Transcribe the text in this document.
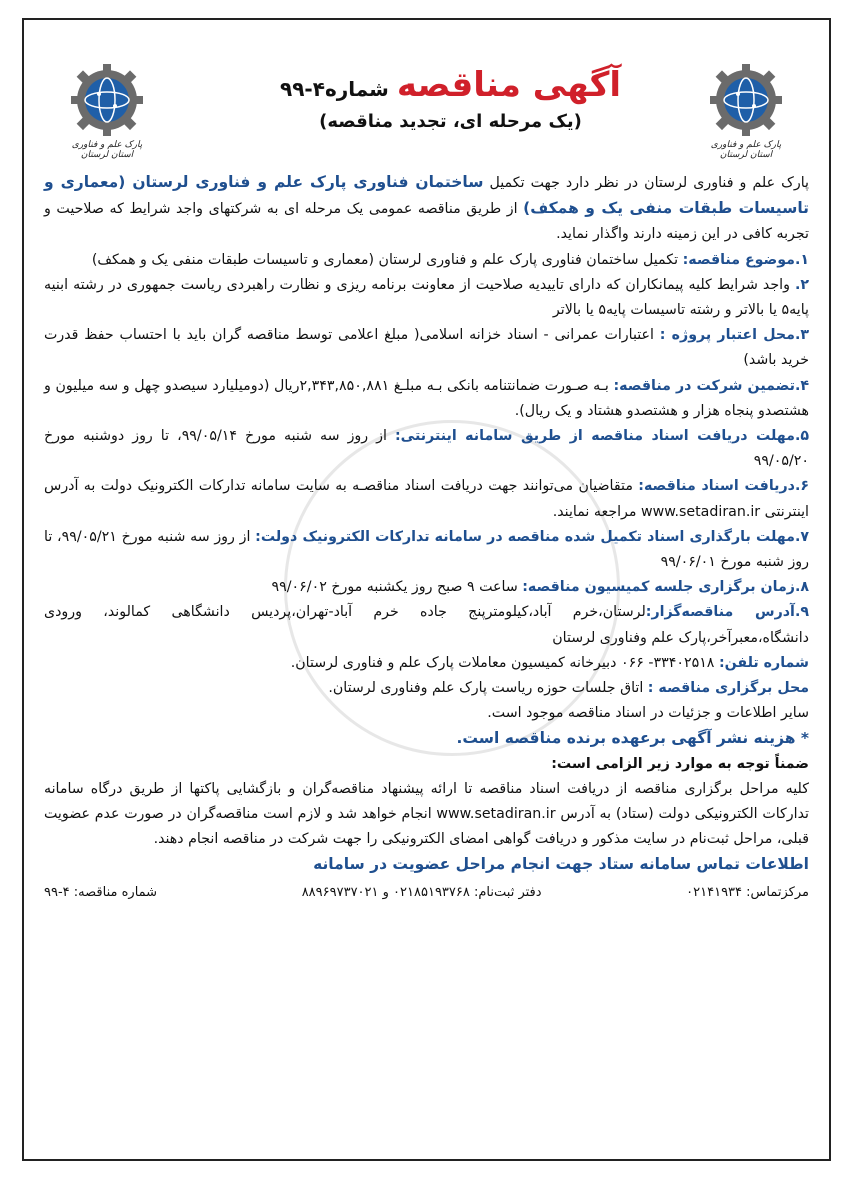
پارک علم و فناوری استان لرستان
پارک علم و فناوری استان لرستان
آگهی مناقصه
شماره۴-۹۹
(یک مرحله ای، تجدید مناقصه)

پارک علم و فناوری لرستان در نظر دارد جهت تکمیل ساختمان فناوری پارک علم و فناوری لرستان (معماری و تاسیسات طبقات منفی یک و همکف) از طریق مناقصه عمومی یک مرحله ای به شرکتهای واجد شرایط که صلاحیت و تجربه کافی در این زمینه دارند واگذار نماید.

۱.موضوع مناقصه: تکمیل ساختمان فناوری پارک علم و فناوری لرستان (معماری و تاسیسات طبقات منفی یک و همکف)

۲. واجد شرایط کلیه پیمانکاران که دارای تاییدیه صلاحیت از معاونت برنامه ریزی و نظارت راهبردی ریاست جمهوری در رشته ابنیه پایه۵ یا بالاتر و رشته تاسیسات پایه۵ یا بالاتر

۳.محل اعتبار پروژه : اعتبارات عمرانی - اسناد خزانه اسلامی( مبلغ اعلامی توسط مناقصه گران باید با احتساب حفظ قدرت خرید باشد)

۴.تضمین شرکت در مناقصه: بـه صـورت ضمانتنامه بانکی بـه مبلـغ ۲,۳۴۳,۸۵۰,۸۸۱ریال (دومیلیارد سیصدو چهل و سه میلیون و هشتصدو پنجاه هزار و هشتصدو هشتاد و یک ریال).

۵.مهلت دریافت اسناد مناقصه از طریق سامانه اینترنتی: از روز سه شنبه مورخ ۹۹/۰۵/۱۴، تا روز دوشنبه مورخ ۹۹/۰۵/۲۰

۶.دریافت اسناد مناقصه: متقاضیان می‌توانند جهت دریافت اسناد مناقصـه به سایت سامانه تدارکات الکترونیک دولت به آدرس اینترنتی www.setadiran.ir مراجعه نمایند.

۷.مهلت بارگذاری اسناد تکمیل شده مناقصه در سامانه تدارکات الکترونیک دولت: از روز سه شنبه مورخ ۹۹/۰۵/۲۱، تا روز شنبه مورخ ۹۹/۰۶/۰۱

۸.زمان برگزاری جلسه کمیسیون مناقصه: ساعت ۹ صبح روز یکشنبه مورخ ۹۹/۰۶/۰۲

۹.آدرس مناقصه‌گزار:لرستان،خرم آباد،کیلومترپنج جاده خرم آباد-تهران،پردیس دانشگاهی کمالوند، ورودی دانشگاه،معبرآخر،پارک علم وفناوری لرستان

شماره تلفن: ۳۳۴۰۲۵۱۸- ۰۶۶ دبیرخانه کمیسیون معاملات پارک علم و فناوری لرستان.

محل برگزاری مناقصه : اتاق جلسات حوزه ریاست پارک علم وفناوری لرستان.

سایر اطلاعات و جزئیات در اسناد مناقصه موجود است.

* هزینه نشر آگهی برعهده برنده مناقصه است.

ضمناً توجه به موارد زیر الزامی است:

کلیه مراحل برگزاری مناقصه از دریافت اسناد مناقصه تا ارائه پیشنهاد مناقصه‌گران و بازگشایی پاکتها از طریق درگاه سامانه تدارکات الکترونیکی دولت (ستاد) به آدرس www.setadiran.ir انجام خواهد شد و لازم است مناقصه‌گران در صورت عدم عضویت قبلی، مراحل ثبت‌نام در سایت مذکور و دریافت گواهی امضای الکترونیکی را جهت شرکت در مناقصه انجام دهند.

اطلاعات تماس سامانه ستاد جهت انجام مراحل عضویت در سامانه

مرکزتماس: ۰۲۱۴۱۹۳۴
دفتر ثبت‌نام: ۰۲۱۸۵۱۹۳۷۶۸ و ۸۸۹۶۹۷۳۷۰۲۱
شماره مناقصه: ۴-۹۹
